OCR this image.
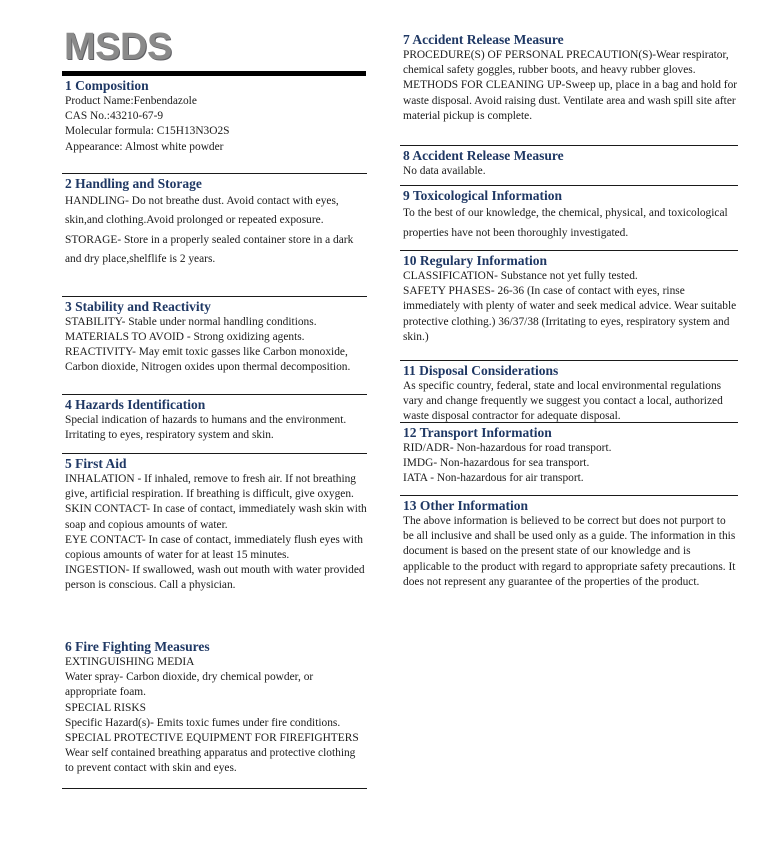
MSDS
1 Composition

Product Name:Fenbendazole

CAS No.:43210-67-9

Molecular formula: C15H13N3O2S

Appearance: Almost white powder

2 Handling and Storage

HANDLING- Do not breathe dust. Avoid contact with eyes, skin,and clothing.Avoid prolonged or repeated exposure. STORAGE- Store in a properly sealed container store in a dark and dry place,shelflife is 2 years.

3 Stability and Reactivity

STABILITY- Stable under normal handling conditions.

MATERIALS TO AVOID - Strong oxidizing agents.

REACTIVITY- May emit toxic gasses like Carbon monoxide, Carbon dioxide, Nitrogen oxides upon thermal decomposition.

4 Hazards Identification

Special indication of hazards to humans and the environment.

Irritating to eyes, respiratory system and skin.

5 First Aid

INHALATION - If inhaled, remove to fresh air. If not breathing give, artificial respiration. If breathing is difficult, give oxygen. SKIN CONTACT- In case of contact, immediately wash skin with soap and copious amounts of water.

EYE CONTACT- In case of contact, immediately flush eyes with copious amounts of water for at least 15 minutes.

INGESTION- If swallowed, wash out mouth with water provided person is conscious. Call a physician.

6 Fire Fighting Measures

EXTINGUISHING MEDIA

Water spray- Carbon dioxide, dry chemical powder, or appropriate foam.

SPECIAL RISKS

Specific Hazard(s)- Emits toxic fumes under fire conditions.

SPECIAL PROTECTIVE EQUIPMENT FOR FIREFIGHTERS Wear self contained breathing apparatus and protective clothing to prevent contact with skin and eyes.

7 Accident Release Measure

PROCEDURE(S) OF PERSONAL PRECAUTION(S)-Wear respirator, chemical safety goggles, rubber boots, and heavy rubber gloves.

METHODS FOR CLEANING UP-Sweep up, place in a bag and hold for waste disposal. Avoid raising dust. Ventilate area and wash spill site after material pickup is complete.

8 Accident Release Measure

No data available.

9 Toxicological Information

To the best of our knowledge, the chemical, physical, and toxicological properties have not been thoroughly investigated.

10 Regulary Information

CLASSIFICATION- Substance not yet fully tested.

SAFETY PHASES- 26-36 (In case of contact with eyes, rinse immediately with plenty of water and seek medical advice. Wear suitable protective clothing.) 36/37/38 (Irritating to eyes, respiratory system and skin.)

11 Disposal Considerations

As specific country, federal, state and local environmental regulations vary and change frequently we suggest you contact a local, authorized waste disposal contractor for adequate disposal.

12 Transport Information

RID/ADR- Non-hazardous for road transport.

IMDG- Non-hazardous for sea transport.

IATA - Non-hazardous for air transport.

13 Other Information

The above information is believed to be correct but does not purport to be all inclusive and shall be used only as a guide. The information in this document is based on the present state of our knowledge and is applicable to the product with regard to appropriate safety precautions. It does not represent any guarantee of the properties of the product.
